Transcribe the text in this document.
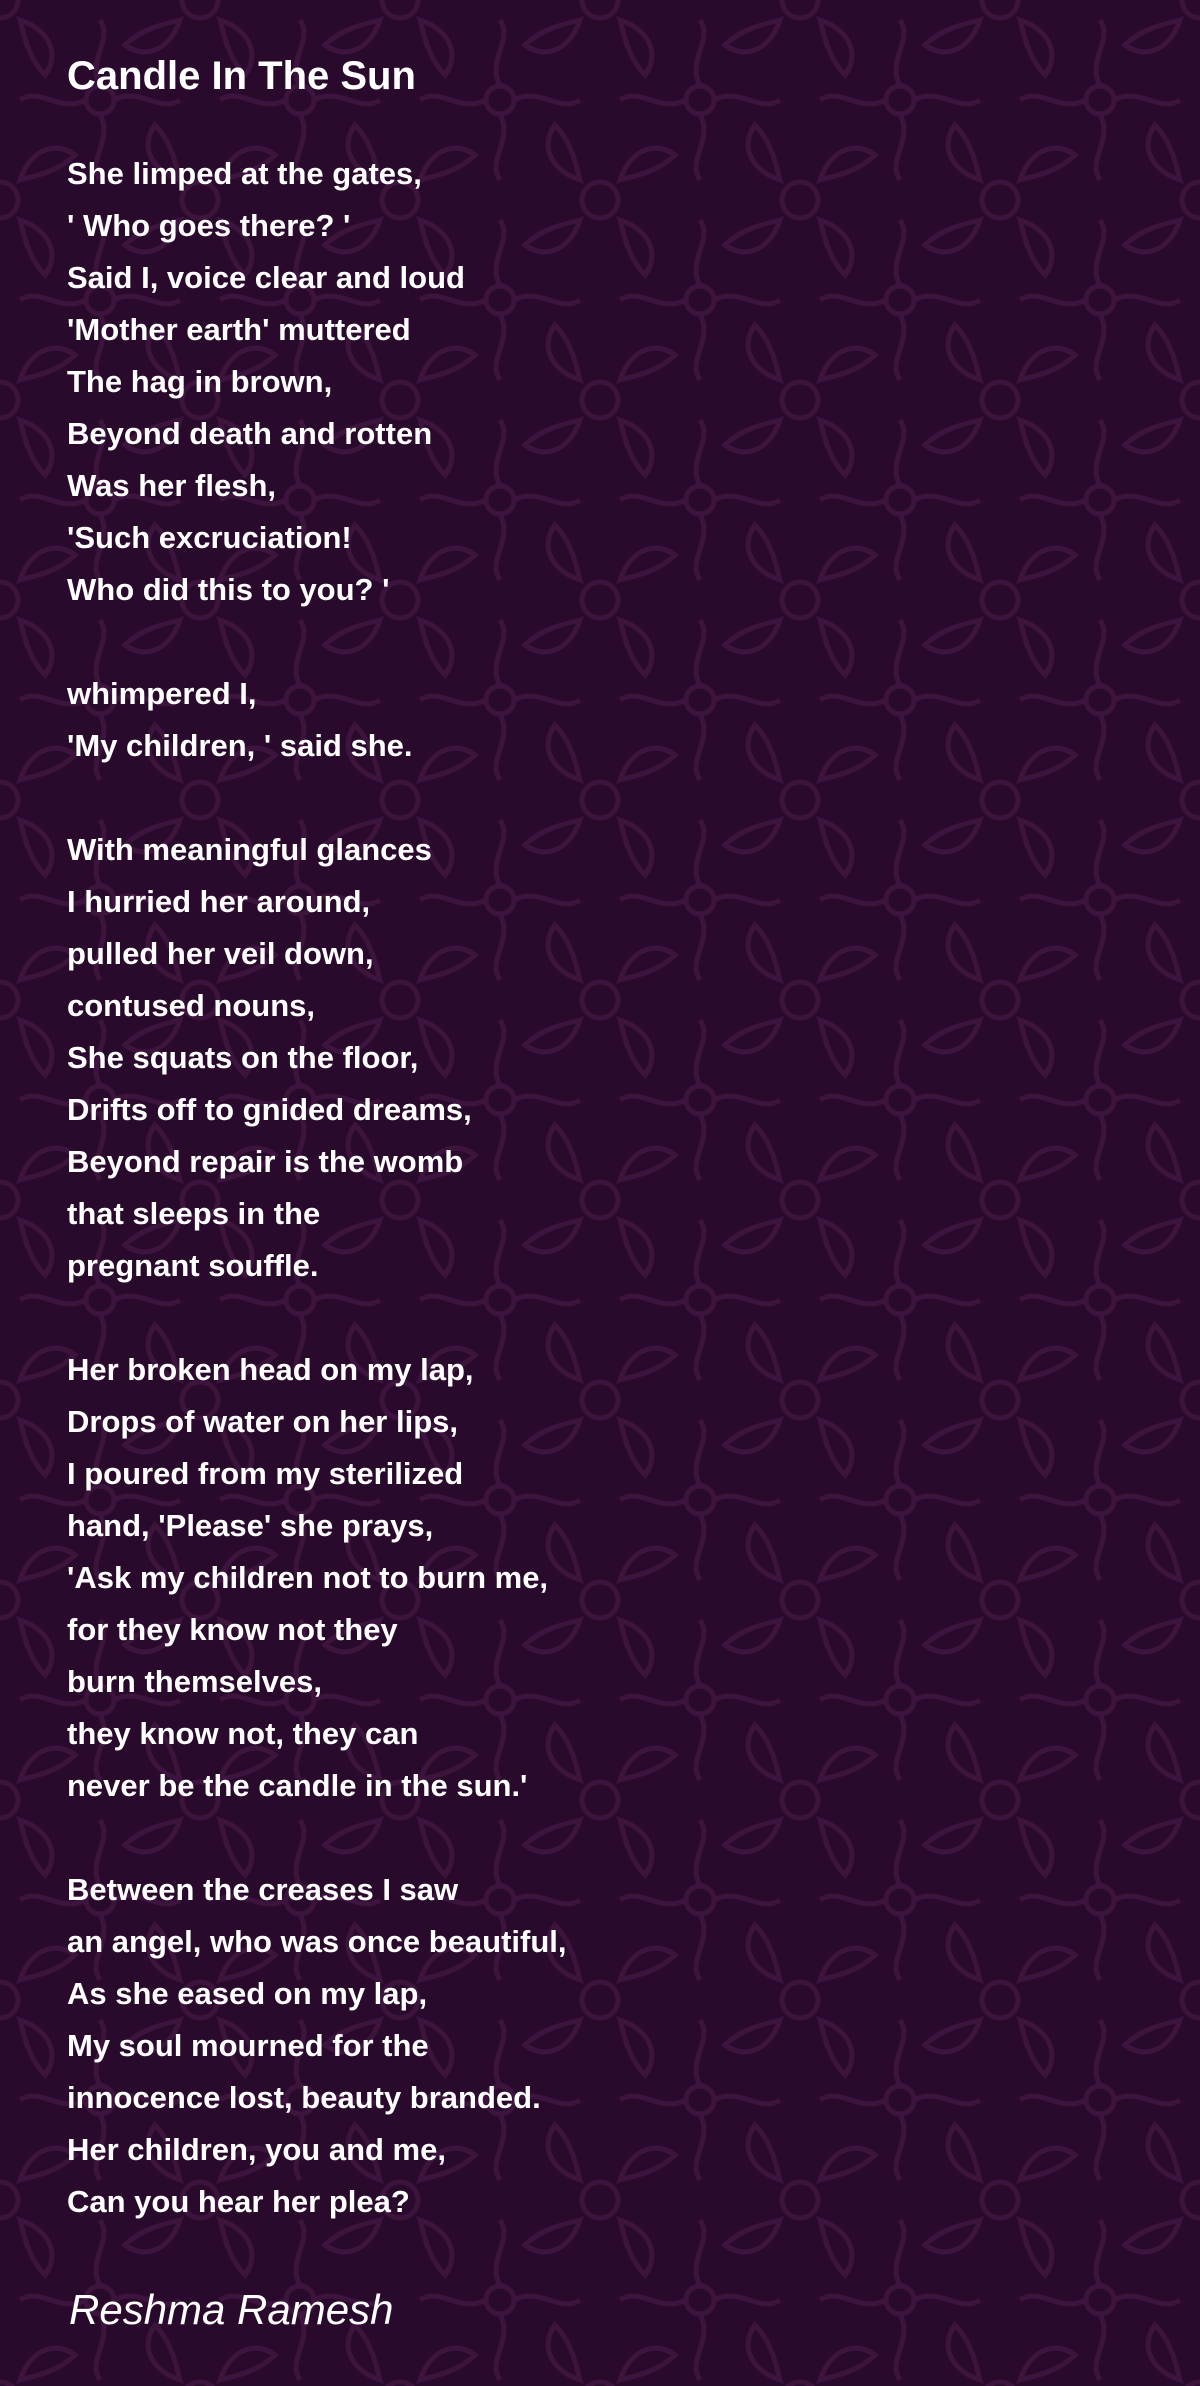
Candle In The Sun
She limped at the gates,
' Who goes there? '
Said I, voice clear and loud
'Mother earth' muttered
The hag in brown,
Beyond death and rotten
Was her flesh,
'Such excruciation!
Who did this to you? '
whimpered I,
'My children, ' said she.
With meaningful glances
I hurried her around,
pulled her veil down,
contused nouns,
She squats on the floor,
Drifts off to gnided dreams,
Beyond repair is the womb
that sleeps in the
pregnant souffle.
Her broken head on my lap,
Drops of water on her lips,
I poured from my sterilized
hand, 'Please' she prays,
'Ask my children not to burn me,
for they know not they
burn themselves,
they know not, they can
never be the candle in the sun.'
Between the creases I saw
an angel, who was once beautiful,
As she eased on my lap,
My soul mourned for the
innocence lost, beauty branded.
Her children, you and me,
Can you hear her plea?

Reshma Ramesh
